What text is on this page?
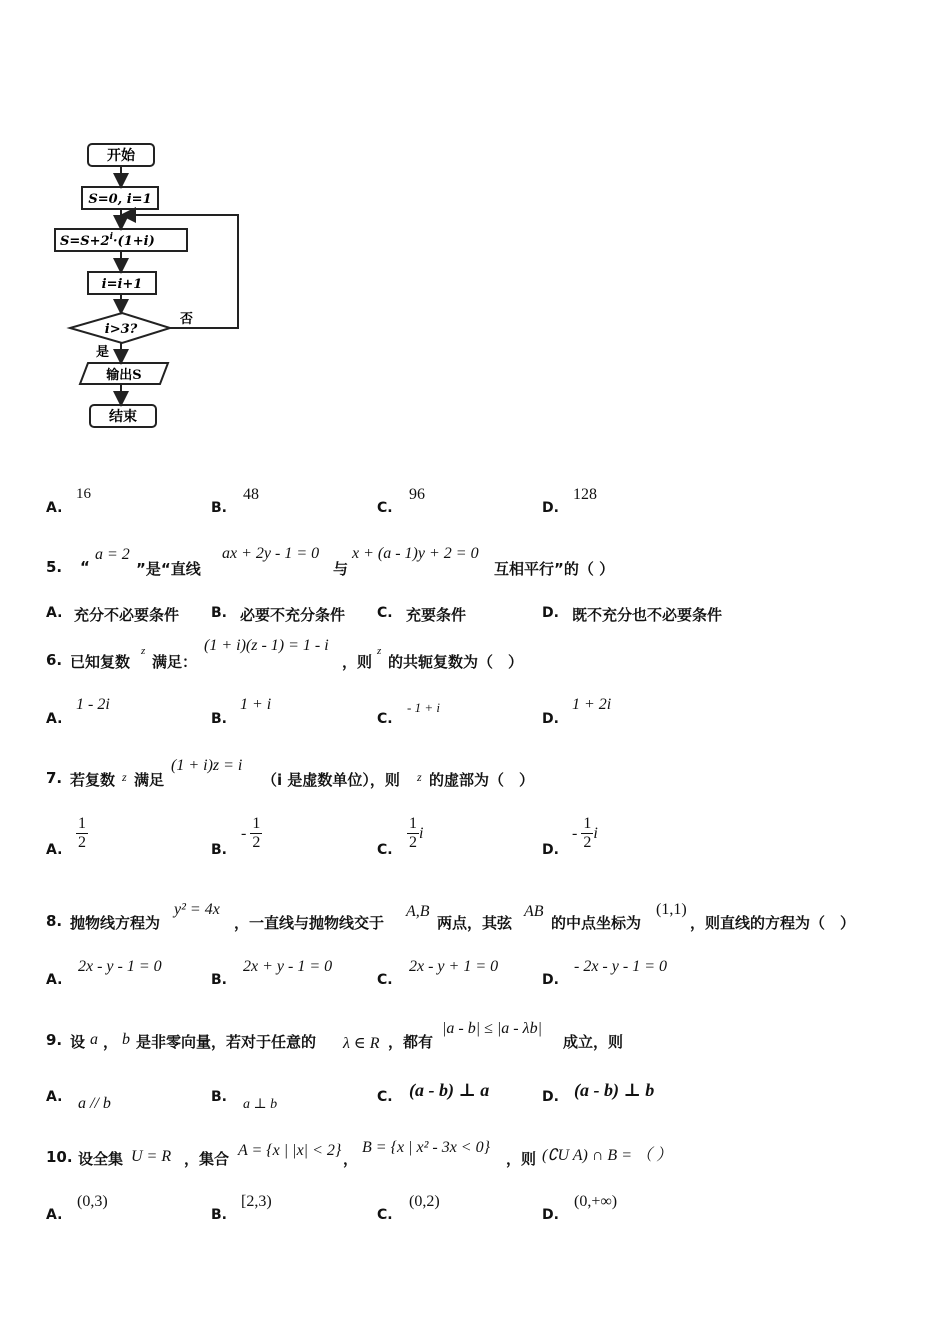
开始
S=0, i=1
$S=S+2^i\cdot(1+i)$
i=i+1
i>3?
否
是
输出S
结束
A.
16
B.
48
C.
96
D.
128
5. “
a = 2
”是“直线
ax + 2y - 1 = 0
与
x + (a - 1)y + 2 = 0
互相平行”的（ ）
A. 充分不必要条件 B. 必要不充分条件 C. 充要条件	D. 既不充分也不必要条件
6. 已知复数
z
满足：
(1 + i)(z - 1) = 1 - i
，则
z
的共轭复数为（　）
A.
1 - 2i
B.
1 + i
C.
- 1 + i
D.
1 + 2i
7. 若复数 z 满足
(1 + i)z = i
（i 是虚数单位），则 z 的虚部为（　）
A. $\frac{1}{2}$	B.
- $\frac{1}{2}$	C. $\frac{1}{2}$ i
D.
- $\frac{1}{2}$ i
8. 抛物线方程为
y² = 4x
，一直线与抛物线交于
A,B
两点，其弦
AB
的中点坐标为
(1,1)
，则直线的方程为（　）
A.
2x - y - 1 = 0
B.
2x + y - 1 = 0
C.
2x - y + 1 = 0
D.
- 2x - y - 1 = 0
9. 设 a ， b 是非零向量，若对于任意的 λ ∈ R ，都有
|a - b| ≤ |a - λb|
成立，则
A. a // b	B. a ⊥ b	C. (a - b) ⊥ a	D. (a - b) ⊥ b
10. 设全集 U = R ，集合 A = {x | |x| < 2} ，
B = {x | x² - 3x < 0}
，则 (∁U A) ∩ B = （ ）
A.
(0,3)
B.
[2,3)
C.
(0,2)
D.
(0,+∞)
